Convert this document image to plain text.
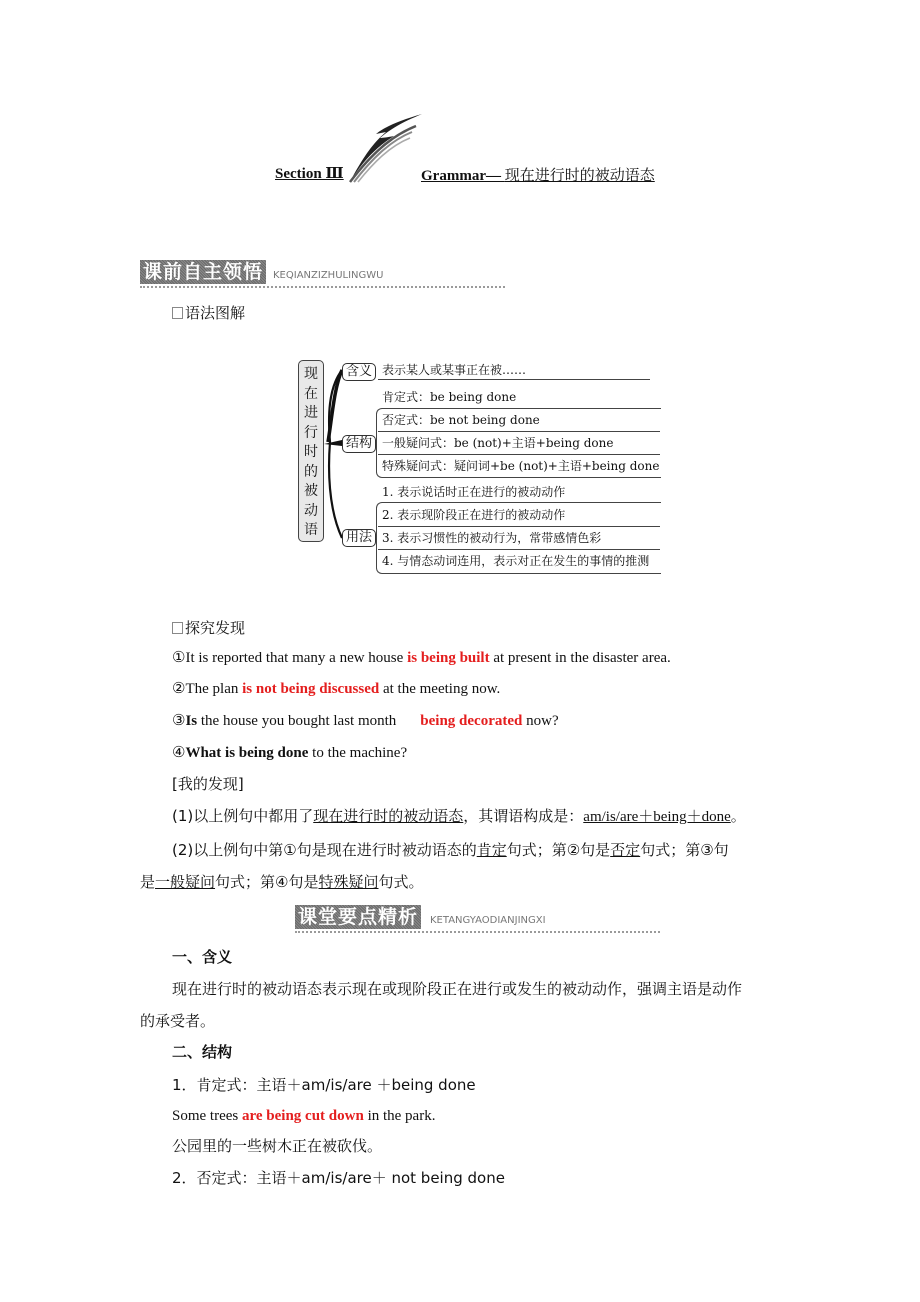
Section Ⅲ	Grammar— 现在进行时的被动语态
课前自主领悟 KEQIANZIZHULINGWU
语法图解
现
在
进
行
时
的
被
动
语
含义 表示某人或某事正在被……
肯定式：be being done
否定式：be not being done
结构 一般疑问式：be (not)+主语+being done
特殊疑问式：疑问词+be (not)+主语+being done
1. 表示说话时正在进行的被动动作
2. 表示现阶段正在进行的被动动作
用法 3. 表示习惯性的被动行为，常带感情色彩
4. 与情态动词连用，表示对正在发生的事情的推测
探究发现
①It is reported that many a new house is being built at present in the disaster area.
②The plan is not being discussed at the meeting now.
③Is the house you bought last month being decorated now?
④What is being done to the machine?
[我的发现]
(1)以上例句中都用了现在进行时的被动语态，其谓语构成是：am/is/are＋being＋done。
(2)以上例句中第①句是现在进行时被动语态的肯定句式；第②句是否定句式；第③句
是一般疑问句式；第④句是特殊疑问句式。
课堂要点精析	KETANGYAODIANJINGXI
一、含义
现在进行时的被动语态表示现在或现阶段正在进行或发生的被动动作，强调主语是动作
的承受者。
二、结构
1．肯定式：主语＋am/is/are ＋being done
Some trees are being cut down in the park.
公园里的一些树木正在被砍伐。
2．否定式：主语＋am/is/are＋ not being done
